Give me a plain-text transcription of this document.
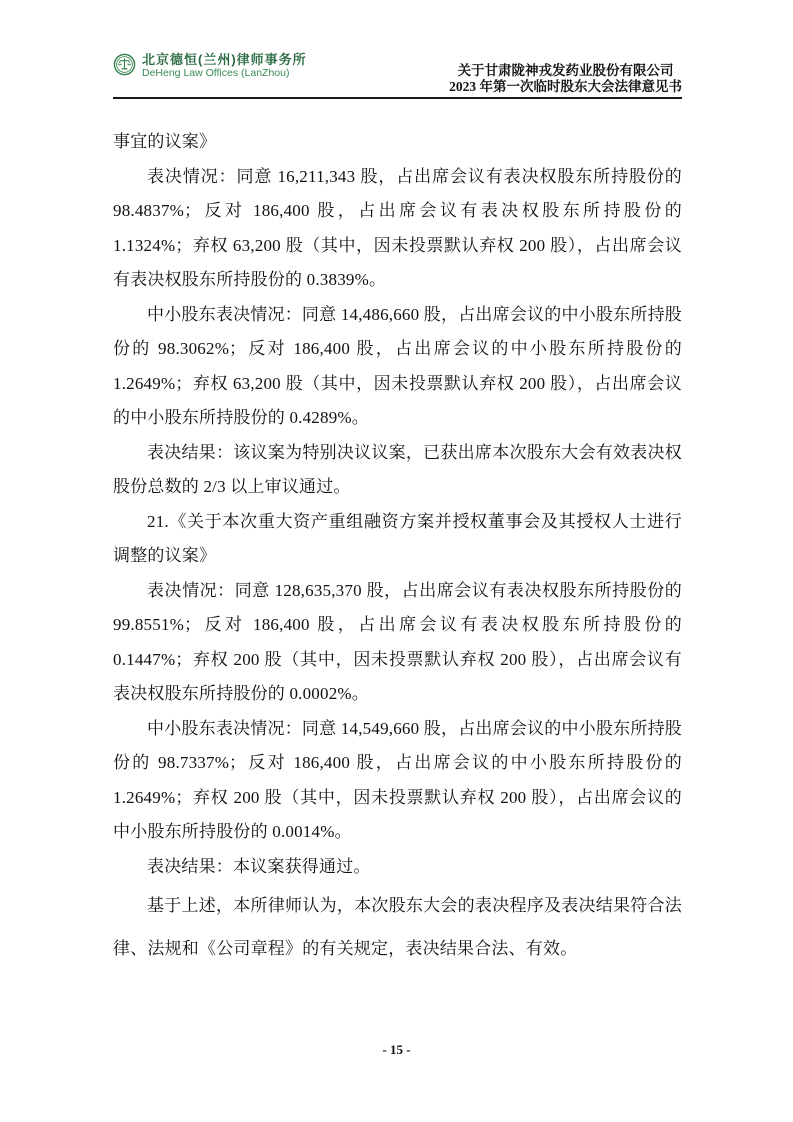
北京德恒(兰州)律师事务所
DeHeng Law Offices (LanZhou)	关于甘肃陇神戎发药业股份有限公司
2023 年第一次临时股东大会法律意见书

事宜的议案》

表决情况：同意 16,211,343 股，占出席会议有表决权股东所持股份的 98.4837%；反对 186,400 股，占出席会议有表决权股东所持股份的 1.1324%；弃权 63,200 股（其中，因未投票默认弃权 200 股），占出席会议有表决权股东所持股份的 0.3839%。

中小股东表决情况：同意 14,486,660 股，占出席会议的中小股东所持股份的 98.3062%；反对 186,400 股，占出席会议的中小股东所持股份的 1.2649%；弃权 63,200 股（其中，因未投票默认弃权 200 股），占出席会议的中小股东所持股份的 0.4289%。

表决结果：该议案为特别决议议案，已获出席本次股东大会有效表决权股份总数的 2/3 以上审议通过。

21.《关于本次重大资产重组融资方案并授权董事会及其授权人士进行调整的议案》

表决情况：同意 128,635,370 股，占出席会议有表决权股东所持股份的 99.8551%；反对 186,400 股，占出席会议有表决权股东所持股份的 0.1447%；弃权 200 股（其中，因未投票默认弃权 200 股），占出席会议有表决权股东所持股份的 0.0002%。

中小股东表决情况：同意 14,549,660 股，占出席会议的中小股东所持股份的 98.7337%；反对 186,400 股，占出席会议的中小股东所持股份的 1.2649%；弃权 200 股（其中，因未投票默认弃权 200 股），占出席会议的中小股东所持股份的 0.0014%。

表决结果：本议案获得通过。

基于上述，本所律师认为，本次股东大会的表决程序及表决结果符合法律、法规和《公司章程》的有关规定，表决结果合法、有效。

- 15 -
